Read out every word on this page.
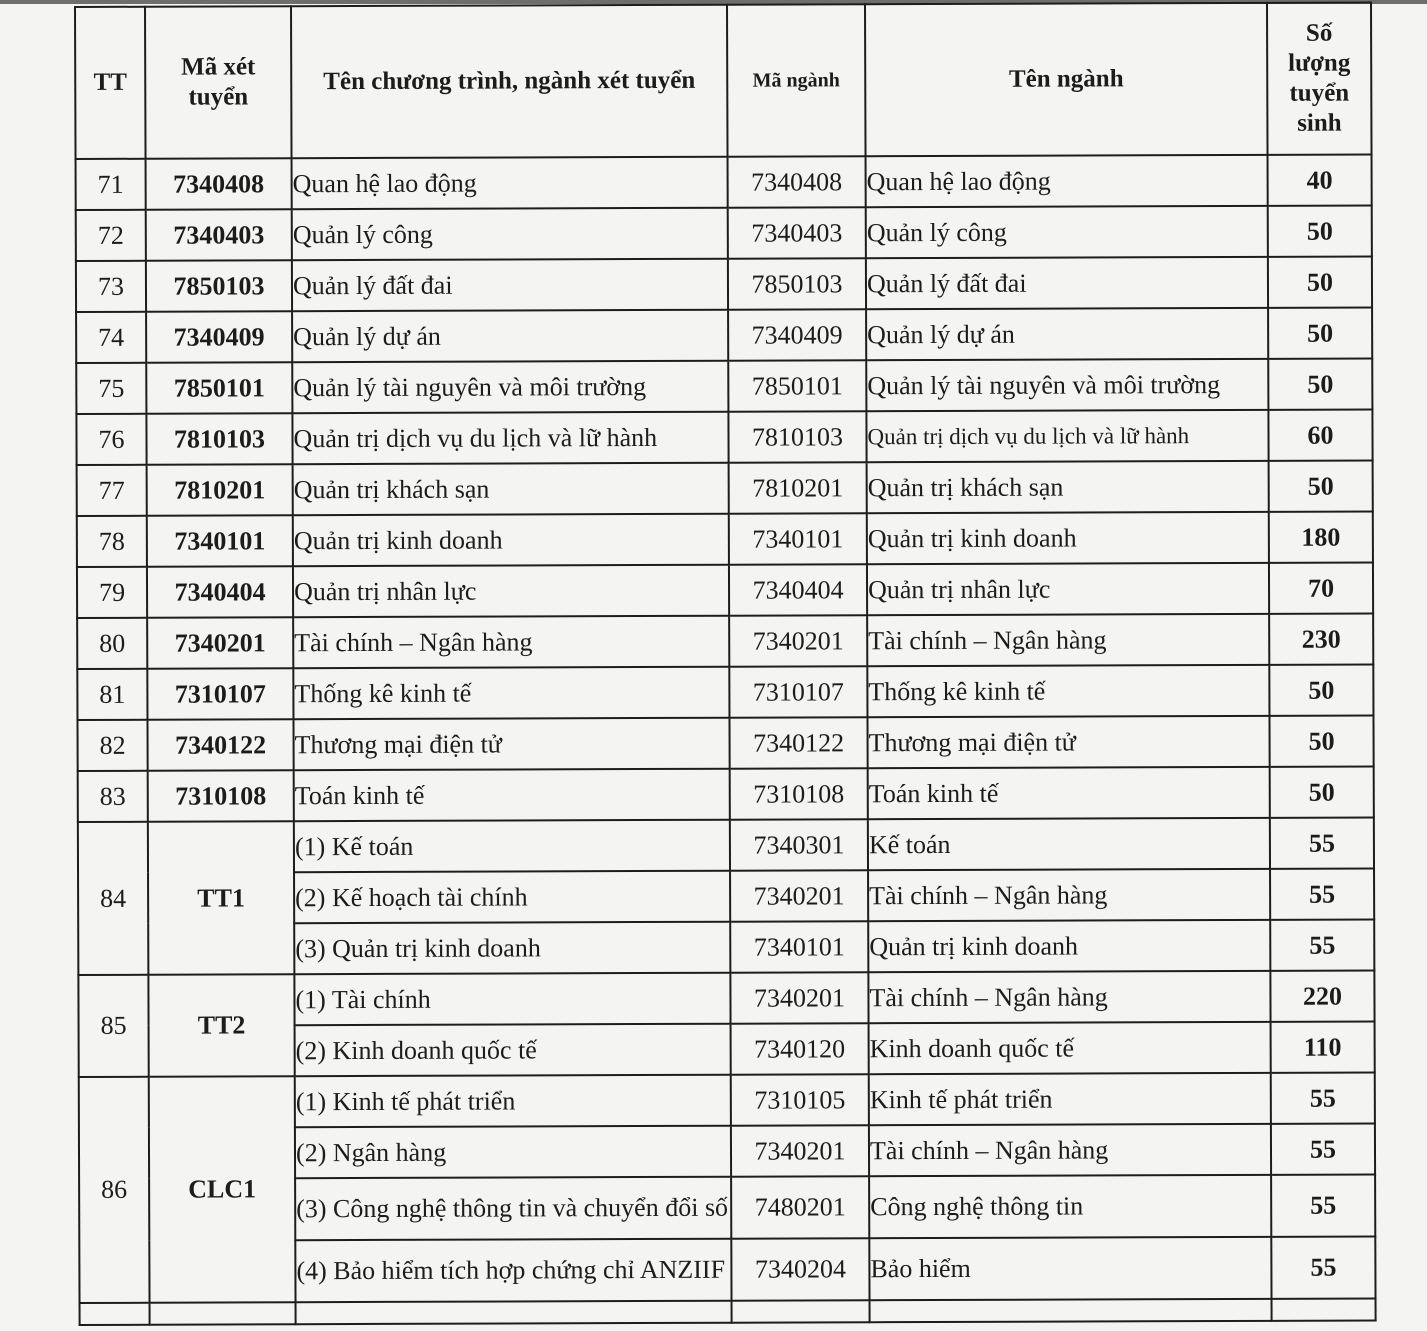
TT	Mã xét tuyển	Tên chương trình, ngành xét tuyển	Mã ngành	Tên ngành	Số lượng tuyển sinh
71	7340408	Quan hệ lao động	7340408	Quan hệ lao động	40
72	7340403	Quản lý công	7340403	Quản lý công	50
73	7850103	Quản lý đất đai	7850103	Quản lý đất đai	50
74	7340409	Quản lý dự án	7340409	Quản lý dự án	50
75	7850101	Quản lý tài nguyên và môi trường	7850101	Quản lý tài nguyên và môi trường	50
76	7810103	Quản trị dịch vụ du lịch và lữ hành	7810103	Quản trị dịch vụ du lịch và lữ hành	60
77	7810201	Quản trị khách sạn	7810201	Quản trị khách sạn	50
78	7340101	Quản trị kinh doanh	7340101	Quản trị kinh doanh	180
79	7340404	Quản trị nhân lực	7340404	Quản trị nhân lực	70
80	7340201	Tài chính – Ngân hàng	7340201	Tài chính – Ngân hàng	230
81	7310107	Thống kê kinh tế	7310107	Thống kê kinh tế	50
82	7340122	Thương mại điện tử	7340122	Thương mại điện tử	50
83	7310108	Toán kinh tế	7310108	Toán kinh tế	50
84	TT1	(1) Kế toán	7340301	Kế toán	55
		(2) Kế hoạch tài chính	7340201	Tài chính – Ngân hàng	55
		(3) Quản trị kinh doanh	7340101	Quản trị kinh doanh	55
85	TT2	(1) Tài chính	7340201	Tài chính – Ngân hàng	220
		(2) Kinh doanh quốc tế	7340120	Kinh doanh quốc tế	110
86	CLC1	(1) Kinh tế phát triển	7310105	Kinh tế phát triển	55
		(2) Ngân hàng	7340201	Tài chính – Ngân hàng	55
		(3) Công nghệ thông tin và chuyển đổi số	7480201	Công nghệ thông tin	55
		(4) Bảo hiểm tích hợp chứng chỉ ANZIIF	7340204	Bảo hiểm	55
